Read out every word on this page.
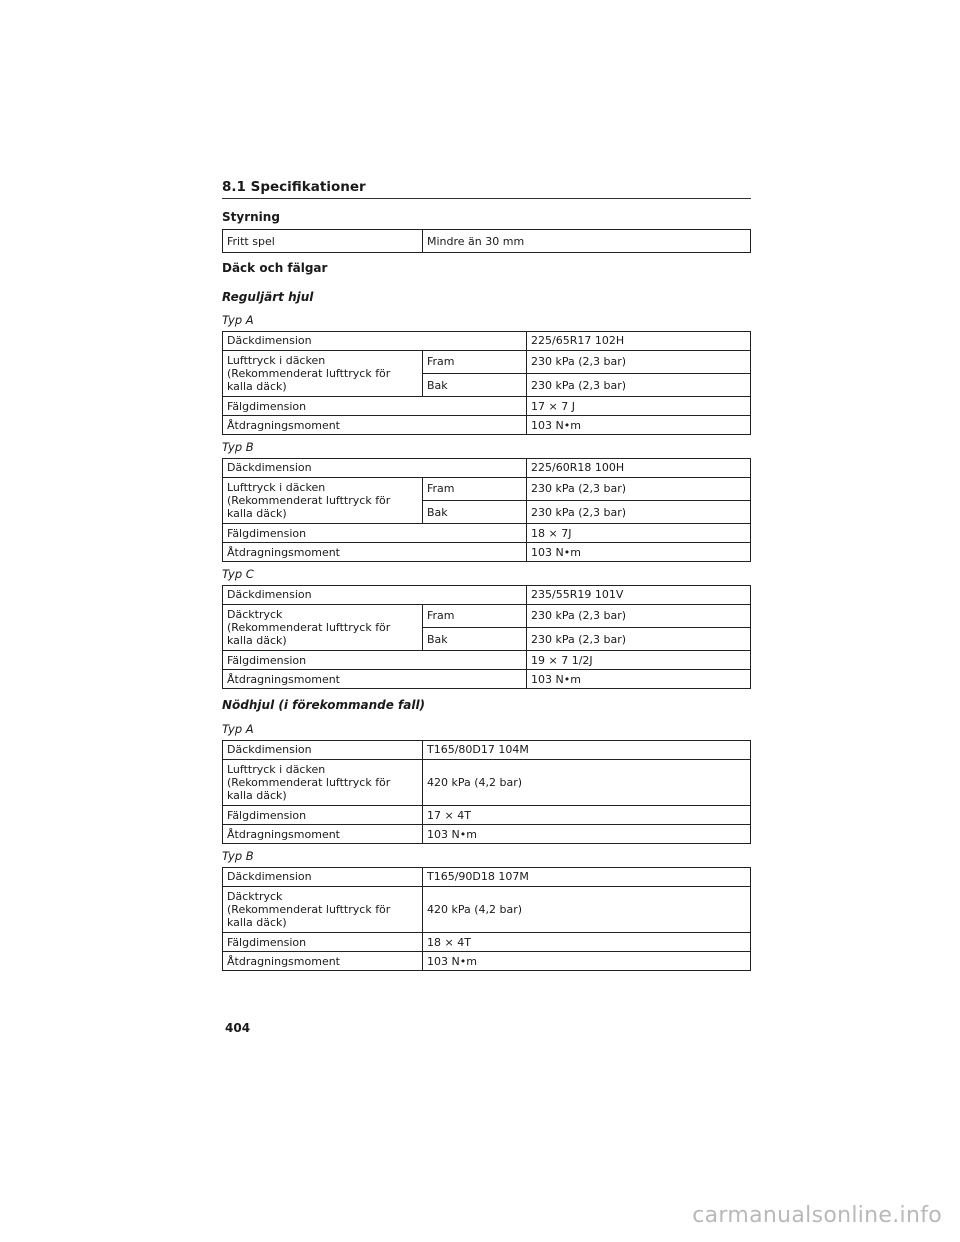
8.1 Specifikationer
Styrning
Fritt spel	Mindre än 30 mm
Däck och fälgar
Reguljärt hjul
Typ A
Däckdimension		225/65R17 102H
Lufttryck i däcken
(Rekommenderat lufttryck för kalla däck)	Fram	230 kPa (2,3 bar)
	Bak	230 kPa (2,3 bar)
Fälgdimension		17 × 7 J
Åtdragningsmoment		103 N•m
Typ B
Däckdimension		225/60R18 100H
Lufttryck i däcken
(Rekommenderat lufttryck för kalla däck)	Fram	230 kPa (2,3 bar)
	Bak	230 kPa (2,3 bar)
Fälgdimension		18 × 7J
Åtdragningsmoment		103 N•m
Typ C
Däckdimension		235/55R19 101V
Däcktryck
(Rekommenderat lufttryck för kalla däck)	Fram	230 kPa (2,3 bar)
	Bak	230 kPa (2,3 bar)
Fälgdimension		19 × 7 1/2J
Åtdragningsmoment		103 N•m
Nödhjul (i förekommande fall)
Typ A
Däckdimension	T165/80D17 104M
Lufttryck i däcken
(Rekommenderat lufttryck för
kalla däck)	420 kPa (4,2 bar)
Fälgdimension	17 × 4T
Åtdragningsmoment	103 N•m
Typ B
Däckdimension	T165/90D18 107M
Däcktryck
(Rekommenderat lufttryck för
kalla däck)	420 kPa (4,2 bar)
Fälgdimension	18 × 4T
Åtdragningsmoment	103 N•m
404
carmanualsonline.info
